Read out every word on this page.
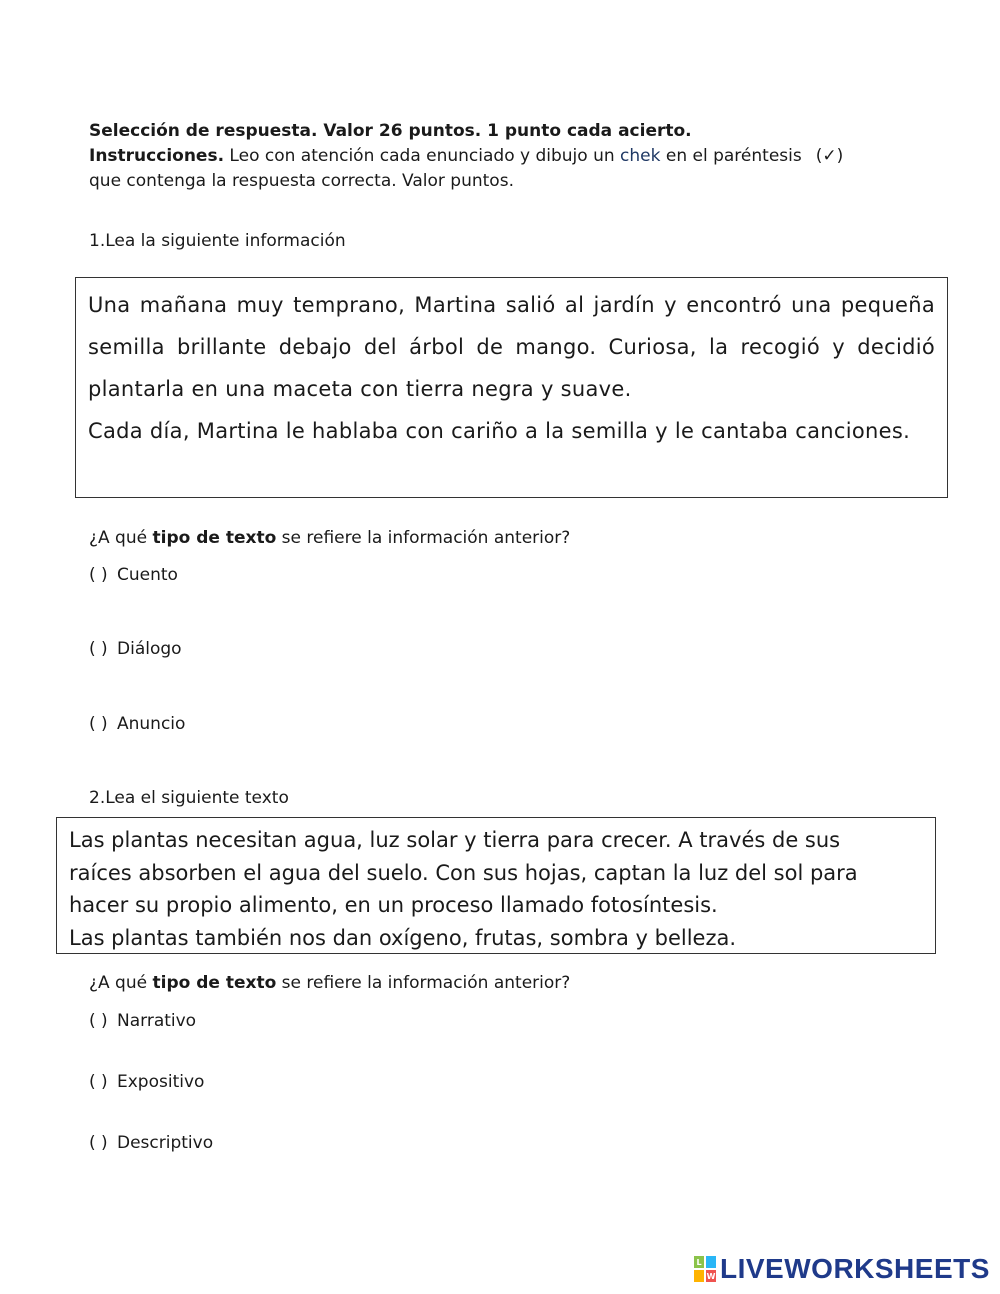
Selección de respuesta. Valor 26 puntos. 1 punto cada acierto.
Instrucciones. Leo con atención cada enunciado y dibujo un chek en el paréntesis (✓)
que contenga la respuesta correcta. Valor puntos.
1.Lea la siguiente información

Una mañana muy temprano, Martina salió al jardín y encontró una pequeña semilla brillante debajo del árbol de mango. Curiosa, la recogió y decidió plantarla en una maceta con tierra negra y suave.

Cada día, Martina le hablaba con cariño a la semilla y le cantaba canciones.

¿A qué tipo de texto se refiere la información anterior?
( ) Cuento
( ) Diálogo
( ) Anuncio
2.Lea el siguiente texto

Las plantas necesitan agua, luz solar y tierra para crecer. A través de sus

raíces absorben el agua del suelo. Con sus hojas, captan la luz del sol para

hacer su propio alimento, en un proceso llamado fotosíntesis.

Las plantas también nos dan oxígeno, frutas, sombra y belleza.

¿A qué tipo de texto se refiere la información anterior?
( ) Narrativo
( ) Expositivo
( ) Descriptivo
L
W LIVEWORKSHEETS
